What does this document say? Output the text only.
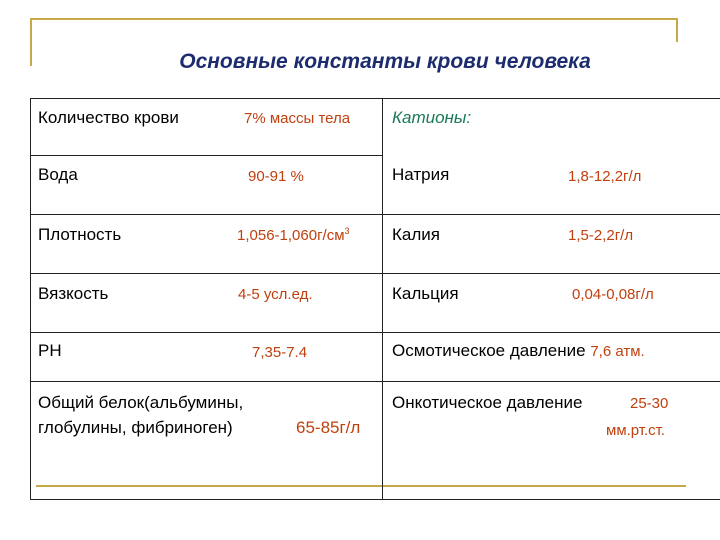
Основные константы крови человека
Количество крови	7% массы тела
Вода	90-91 %
Плотность	$1,056-1,060г/см^3$
Вязкость	4-5 усл.ед.
РН	7,35-7.4
Общий белок(альбумины,
глобулины, фибриноген)	65-85г/л
Катионы:
Натрия	1,8-12,2г/л
Калия	1,5-2,2г/л
Кальция	0,04-0,08г/л
Осмотическое давление 7,6 атм.
Онкотическое давление	25-30
мм.рт.ст.
